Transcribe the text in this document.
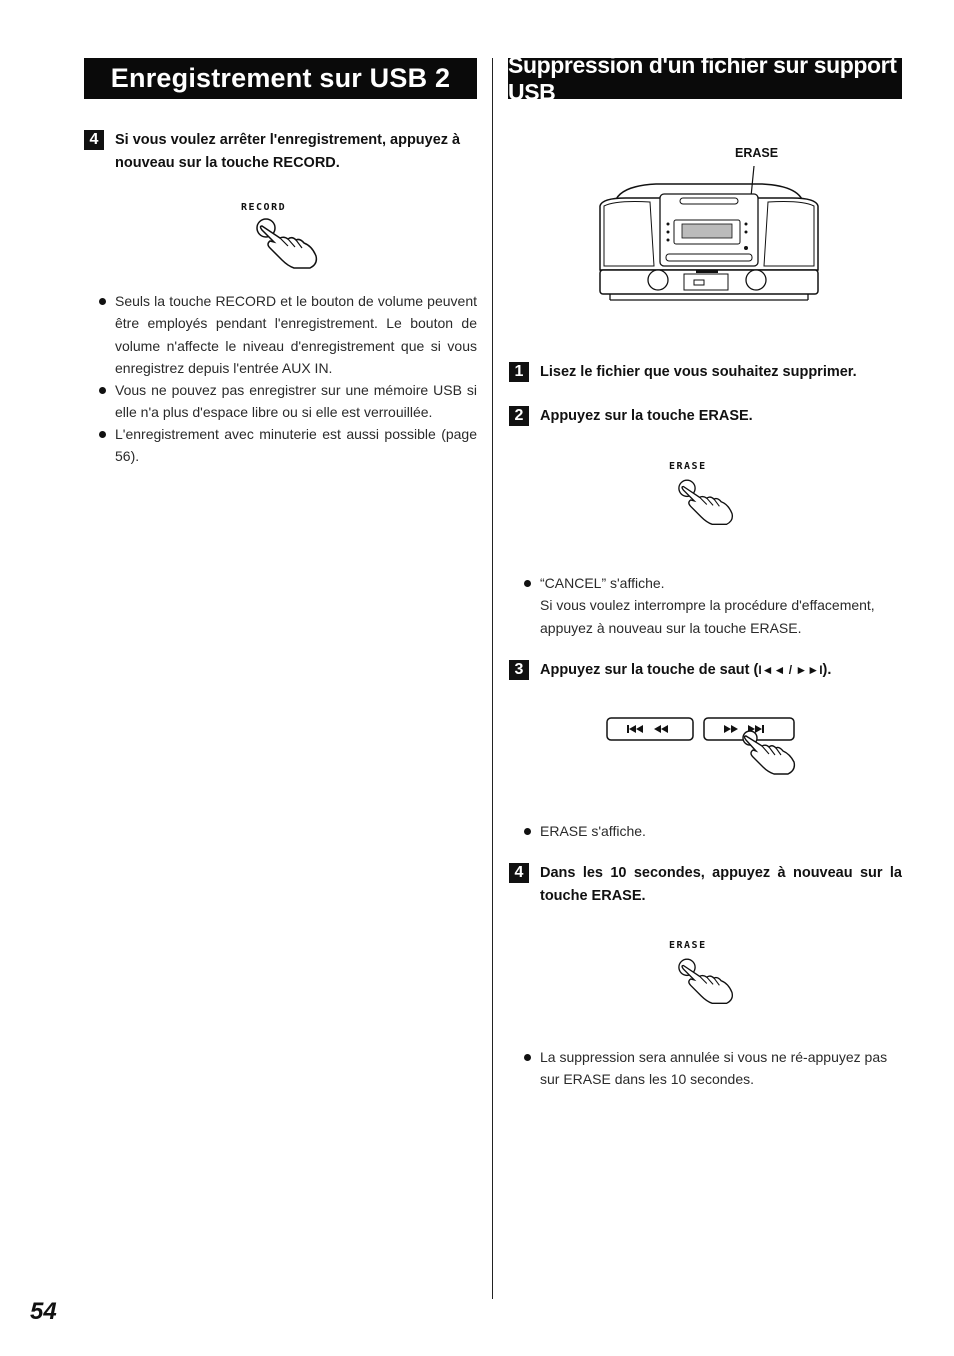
Enregistrement sur USB 2	Suppression d'un fichier sur support USB
4	Si vous voulez arrêter l'enregistrement, appuyez à nouveau sur la touche RECORD.
RECORD
Seuls la touche RECORD et le bouton de volume peuvent être employés pendant l'enregistrement. Le bouton de volume n'affecte le niveau d'enregistrement que si vous enregistrez depuis l'entrée AUX IN.
Vous ne pouvez pas enregistrer sur une mémoire USB si elle n'a plus d'espace libre ou si elle est verrouillée.
L'enregistrement avec minuterie est aussi possible (page 56).
ERASE
1	Lisez le fichier que vous souhaitez supprimer.
2	Appuyez sur la touche ERASE.
ERASE
“CANCEL” s'affiche.
Si vous voulez interrompre la procédure d'effacement, appuyez à nouveau sur la touche ERASE.
3	Appuyez sur la touche de saut (I◄◄ / ►►I).
ERASE s'affiche.
4	Dans les 10 secondes, appuyez à nouveau sur la touche ERASE.
ERASE
La suppression sera annulée si vous ne ré-appuyez pas sur ERASE dans les 10 secondes.
54
